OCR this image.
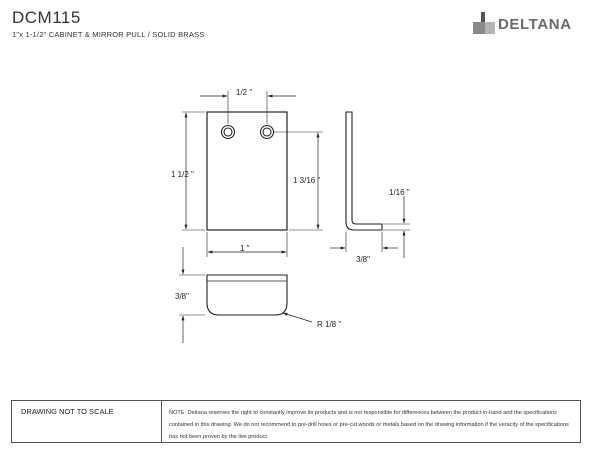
DCM115
1"x 1-1/2" CABINET & MIRROR PULL / SOLID BRASS
DELTANA
1/2 "
1 1/2 "
1 3/16 "
1 "
1/16 "
3/8"
3/8"
R 1/8 "
DRAWING NOT TO SCALE	NOTE: Deltana reserves the right to constantly improve its products and is not responsible for differences between the product in-hand and the specifications contained in this drawing. We do not recommend to pre-drill holes or pre-cut woods or metals based on the drawing information if the veracity of the specifications has not been proven by the live product.
